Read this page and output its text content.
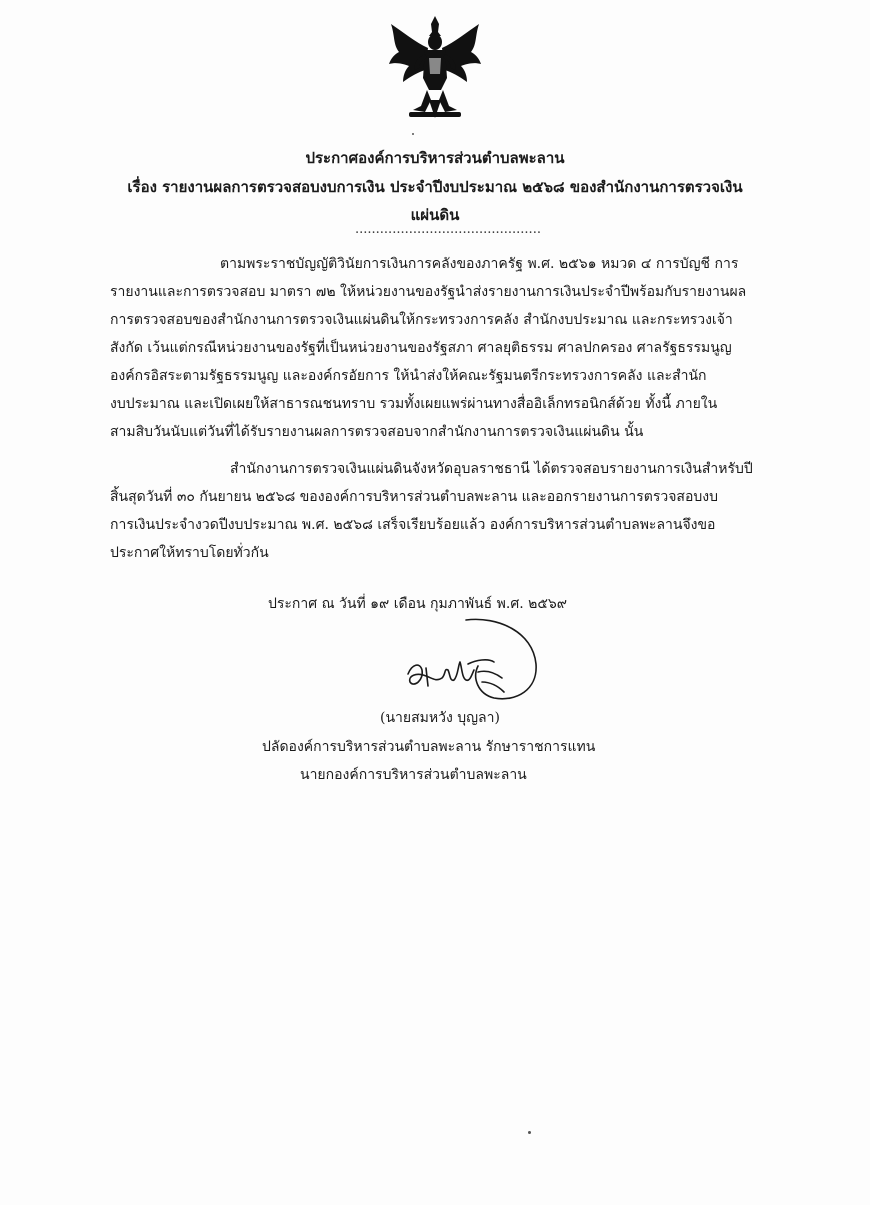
ประกาศองค์การบริหารส่วนตำบลพะลาน
เรื่อง รายงานผลการตรวจสอบงบการเงิน ประจำปีงบประมาณ ๒๕๖๘ ของสำนักงานการตรวจเงิน
แผ่นดิน
.............................................
ตามพระราชบัญญัติวินัยการเงินการคลังของภาครัฐ พ.ศ. ๒๕๖๑ หมวด ๔ การบัญชี การ
รายงานและการตรวจสอบ มาตรา ๗๒ ให้หน่วยงานของรัฐนำส่งรายงานการเงินประจำปีพร้อมกับรายงานผล
การตรวจสอบของสำนักงานการตรวจเงินแผ่นดินให้กระทรวงการคลัง สำนักงบประมาณ และกระทรวงเจ้า
สังกัด เว้นแต่กรณีหน่วยงานของรัฐที่เป็นหน่วยงานของรัฐสภา ศาลยุติธรรม ศาลปกครอง ศาลรัฐธรรมนูญ
องค์กรอิสระตามรัฐธรรมนูญ และองค์กรอัยการ ให้นำส่งให้คณะรัฐมนตรีกระทรวงการคลัง และสำนัก
งบประมาณ และเปิดเผยให้สาธารณชนทราบ รวมทั้งเผยแพร่ผ่านทางสื่ออิเล็กทรอนิกส์ด้วย ทั้งนี้ ภายใน
สามสิบวันนับแต่วันที่ได้รับรายงานผลการตรวจสอบจากสำนักงานการตรวจเงินแผ่นดิน นั้น
สำนักงานการตรวจเงินแผ่นดินจังหวัดอุบลราชธานี ได้ตรวจสอบรายงานการเงินสำหรับปี
สิ้นสุดวันที่ ๓๐ กันยายน ๒๕๖๘ ขององค์การบริหารส่วนตำบลพะลาน และออกรายงานการตรวจสอบงบ
การเงินประจำงวดปีงบประมาณ พ.ศ. ๒๕๖๘ เสร็จเรียบร้อยแล้ว องค์การบริหารส่วนตำบลพะลานจึงขอ
ประกาศให้ทราบโดยทั่วกัน
ประกาศ ณ วันที่ ๑๙ เดือน กุมภาพันธ์ พ.ศ. ๒๕๖๙
(นายสมหวัง บุญลา)
ปลัดองค์การบริหารส่วนตำบลพะลาน รักษาราชการแทน
นายกองค์การบริหารส่วนตำบลพะลาน
